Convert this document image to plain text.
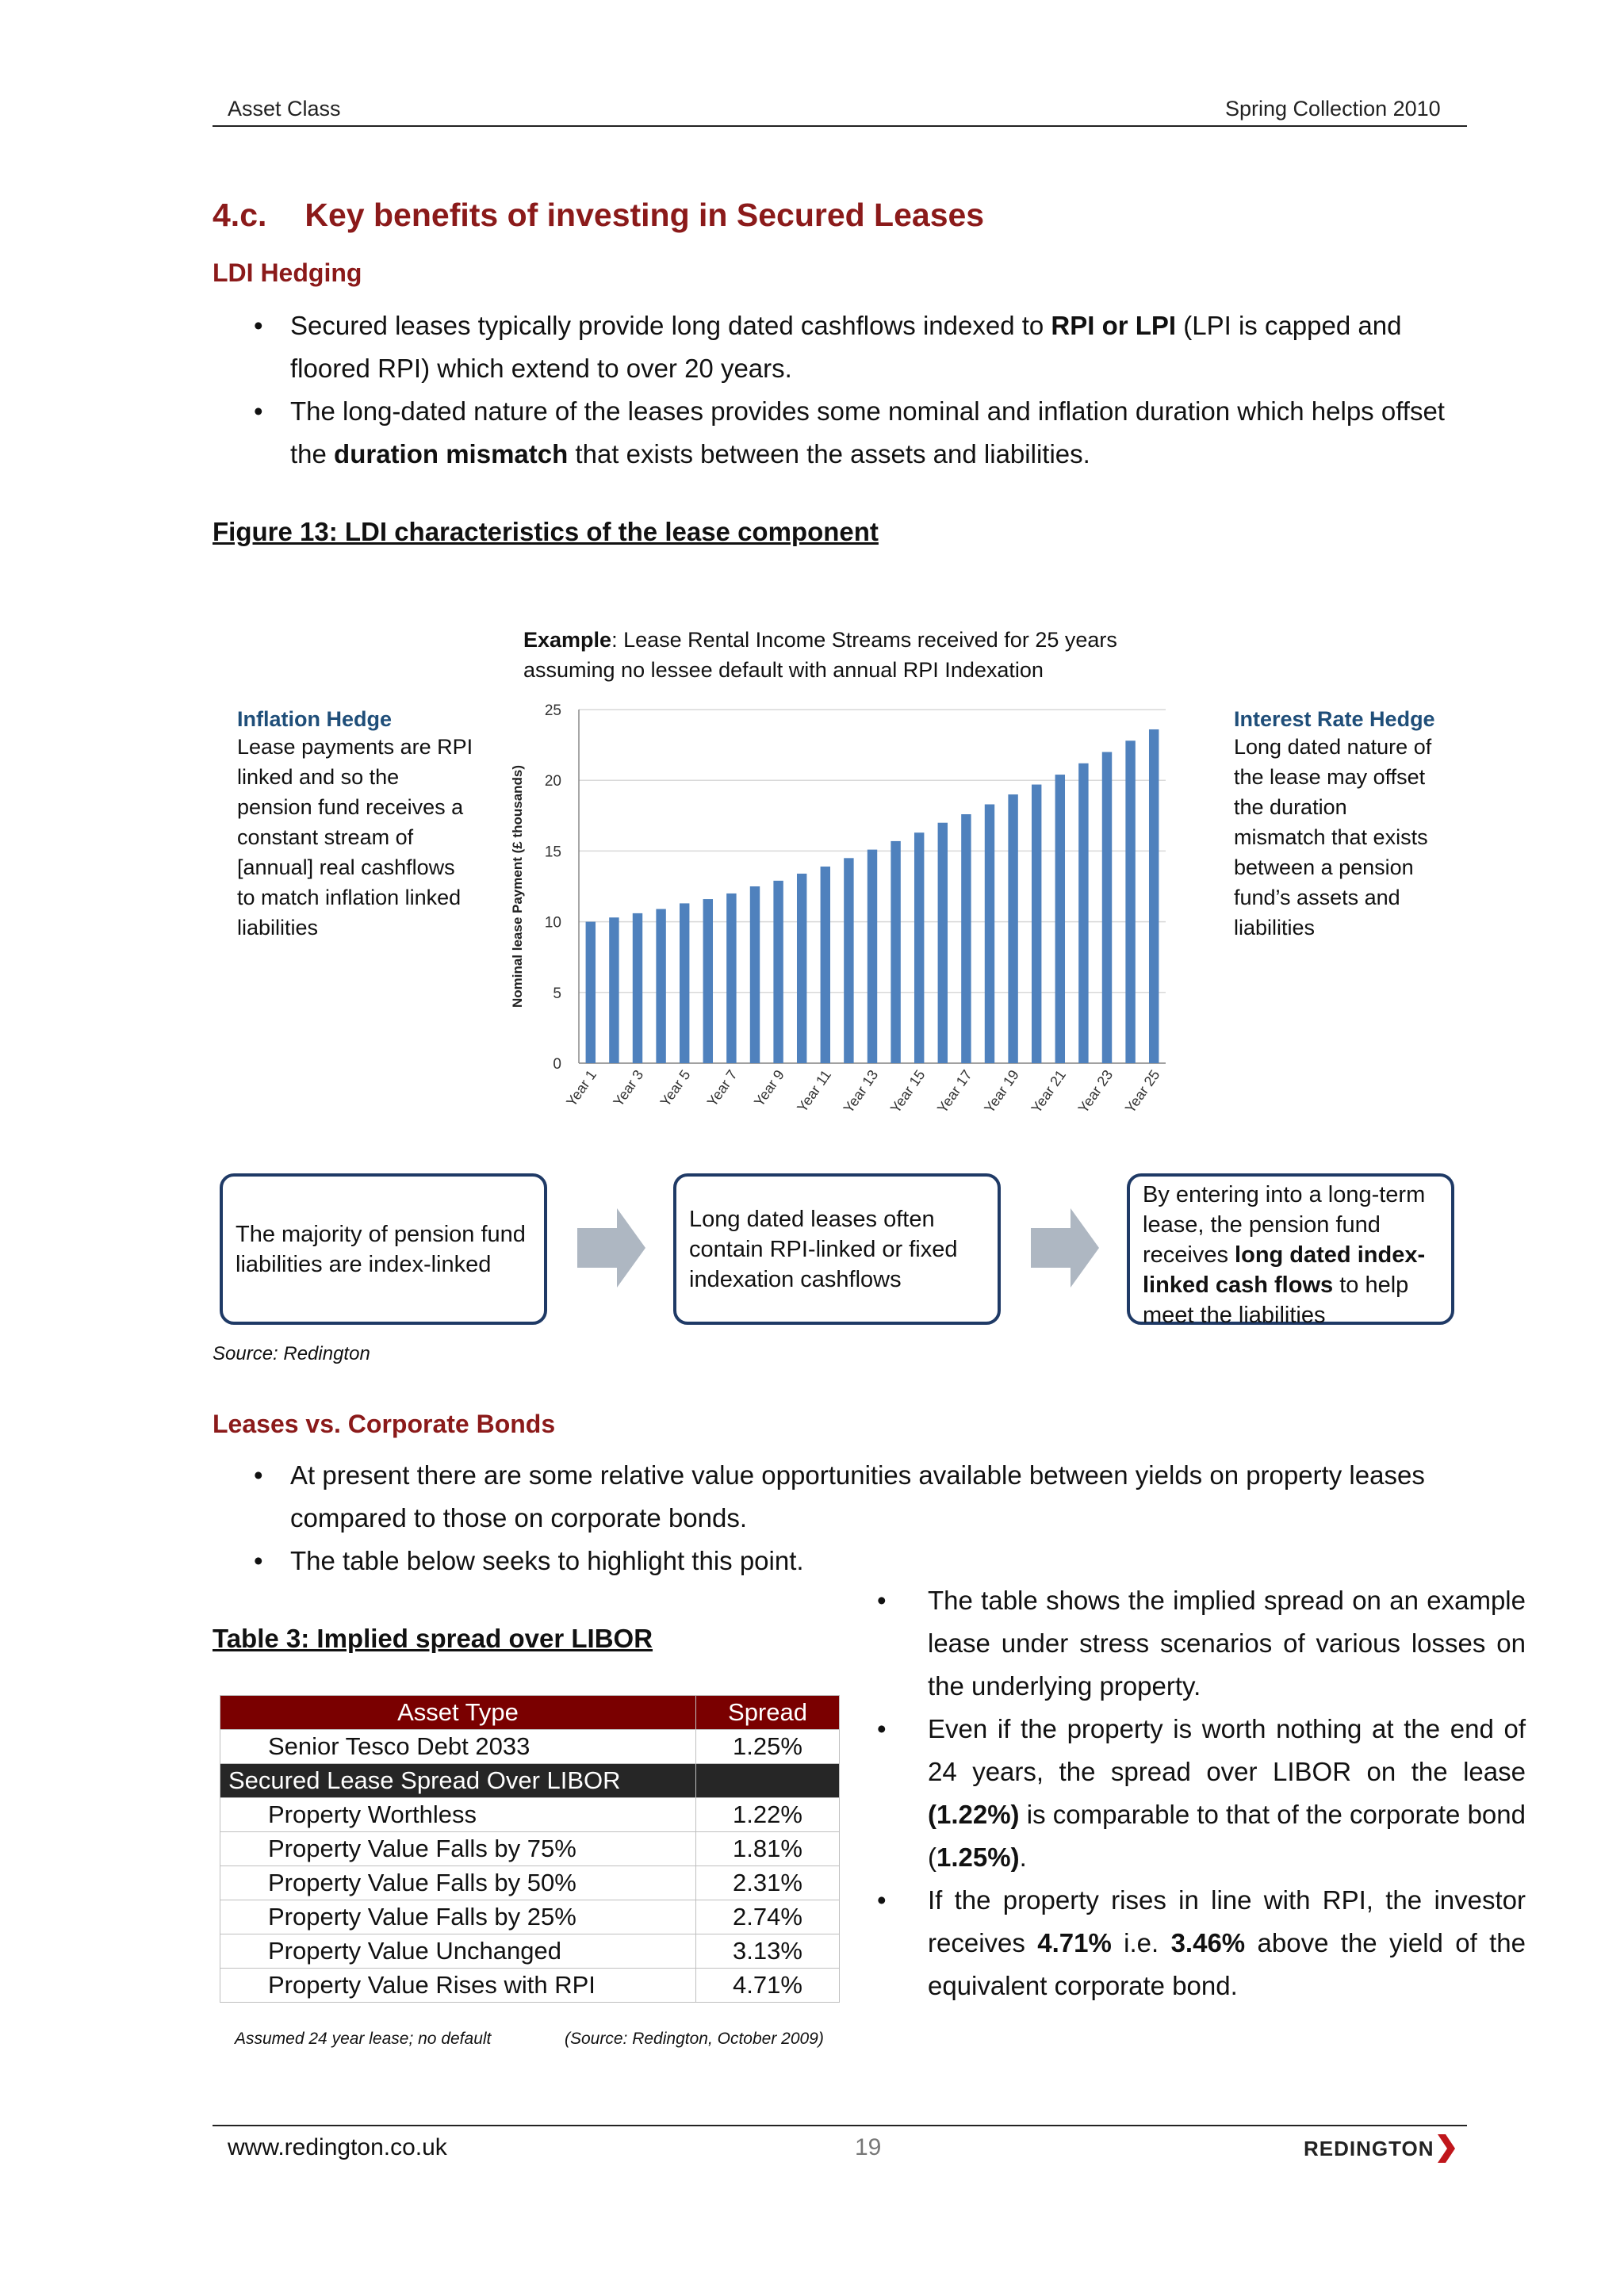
Asset Class	Spring Collection 2010
4.c. Key benefits of investing in Secured Leases
LDI Hedging
• Secured leases typically provide long dated cashflows indexed to RPI or LPI (LPI is capped and floored RPI) which extend to over 20 years.
• The long-dated nature of the leases provides some nominal and inflation duration which helps offset the duration mismatch that exists between the assets and liabilities.
Figure 13: LDI characteristics of the lease component
Example: Lease Rental Income Streams received for 25 years assuming no lessee default with annual RPI Indexation
Inflation Hedge
Lease payments are RPI linked and so the pension fund receives a constant stream of [annual] real cashflows to match inflation linked liabilities
Interest Rate Hedge
Long dated nature of the lease may offset the duration mismatch that exists between a pension fund’s assets and liabilities
0
5
10
15
20
25
Year 1 Year 3 Year 5 Year 7 Year 9 Year 11 Year 13 Year 15 Year 17 Year 19 Year 21 Year 23 Year 25
Nominal lease Payment (£ thousands)
The majority of pension fund liabilities are index-linked
Long dated leases often contain RPI-linked or fixed indexation cashflows
By entering into a long-term lease, the pension fund receives long dated index-linked cash flows to help meet the liabilities
Source: Redington
Leases vs. Corporate Bonds
• At present there are some relative value opportunities available between yields on property leases compared to those on corporate bonds.
• The table below seeks to highlight this point.
Table 3: Implied spread over LIBOR
Asset Type	Spread
Senior Tesco Debt 2033	1.25%
Secured Lease Spread Over LIBOR	
Property Worthless	1.22%
Property Value Falls by 75%	1.81%
Property Value Falls by 50%	2.31%
Property Value Falls by 25%	2.74%
Property Value Unchanged	3.13%
Property Value Rises with RPI	4.71%
Assumed 24 year lease; no default	(Source: Redington, October 2009)
• The table shows the implied spread on an example lease under stress scenarios of various losses on the underlying property.
• Even if the property is worth nothing at the end of 24 years, the spread over LIBOR on the lease (1.22%) is comparable to that of the corporate bond (1.25%).
• If the property rises in line with RPI, the investor receives 4.71% i.e. 3.46% above the yield of the equivalent corporate bond.
www.redington.co.uk	19	REDINGTON
